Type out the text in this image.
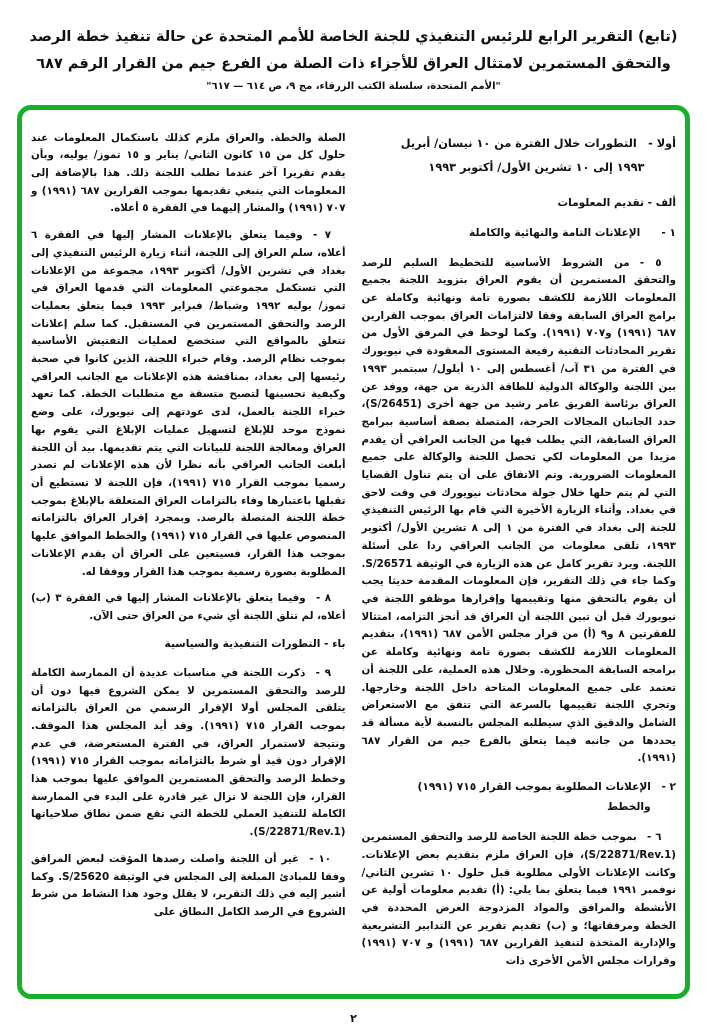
(تابع) التقرير الرابع للرئيس التنفيذي للجنة الخاصة للأمم المتحدة عن حالة تنفيذ خطة الرصد
والتحقق المستمرين لامتثال العراق للأجزاء ذات الصلة من الفرع جيم من القرار الرقم ٦٨٧
"الأمم المتحدة، سلسلة الكتب الزرقاء، مج ٩، ص ٦١٤ — ٦١٧"
أولا - التطورات خلال الفترة من ١٠ نيسان/ أبريل ١٩٩٣ إلى ١٠ تشرين الأول/ أكتوبر ١٩٩٣
ألف - تقديم المعلومات
١ -  الإعلانات التامة والنهائية والكاملة

٥ - من الشروط الأساسية للتخطيط السليم للرصد والتحقق المستمرين أن يقوم العراق بتزويد اللجنة بجميع المعلومات اللازمة للكشف بصورة تامة ونهائية وكاملة عن برامج العراق السابقة وفقا لالتزامات العراق بموجب القرارين ٦٨٧ (١٩٩١) و٧٠٧ (١٩٩١). وكما لوحظ في المرفق الأول من تقرير المحادثات التقنية رفيعة المستوى المعقودة في نيويورك في الفترة من ٣١ آب/ أغسطس إلى ١٠ أيلول/ سبتمبر ١٩٩٣ بين اللجنة والوكالة الدولية للطاقة الذرية من جهة، ووفد عن العراق برئاسة الفريق عامر رشيد من جهة أخرى (S/26451)، حدد الجانبان المجالات الحرجة، المتصلة بصفة أساسية ببرامج العراق السابقة، التي يطلب فيها من الجانب العراقي أن يقدم مزيدا من المعلومات لكي تحصل اللجنة والوكالة على جميع المعلومات الضرورية. وتم الاتفاق على أن يتم تناول القضايا التي لم يتم حلها خلال جولة محادثات نيويورك في وقت لاحق في بغداد. وأثناء الزيارة الأخيرة التي قام بها الرئيس التنفيذي للجنة إلى بغداد في الفترة من ١ إلى ٨ تشرين الأول/ أكتوبر ١٩٩٣، تلقى معلومات من الجانب العراقي ردا على أسئلة اللجنة. ويرد تقرير كامل عن هذه الزيارة في الوثيقة S/26571. وكما جاء في ذلك التقرير، فإن المعلومات المقدمة حديثا يجب أن يقوم بالتحقق منها وتقييمها وإقرارها موظفو اللجنة في نيويورك قبل أن تبين اللجنة أن العراق قد أنجز التزامه، امتثالا للفقرتين ٨ و٩ (أ) من قرار مجلس الأمن ٦٨٧ (١٩٩١)، بتقديم المعلومات اللازمة للكشف بصورة تامة ونهائية وكاملة عن برامجه السابقة المحظورة. وخلال هذه العملية، على اللجنة أن تعتمد على جميع المعلومات المتاحة داخل اللجنة وخارجها. وتجري اللجنة تقييمها بالسرعة التي تتفق مع الاستعراض الشامل والدقيق الذي سيطلبه المجلس بالنسبة لأية مسألة قد يحددها من جانبه فيما يتعلق بالفرع جيم من القرار ٦٨٧ (١٩٩١).

٢ - الإعلانات المطلوبة بموجب القرار ٧١٥ (١٩٩١) والخطط

٦ - بموجب خطة اللجنة الخاصة للرصد والتحقق المستمرين (S/22871/Rev.1)، فإن العراق ملزم بتقديم بعض الإعلانات. وكانت الإعلانات الأولى مطلوبة قبل حلول ١٠ تشرين الثاني/ نوفمبر ١٩٩١ فيما يتعلق بما يلي: (أ) تقديم معلومات أولية عن الأنشطة والمرافق والمواد المزدوجة الغرض المحددة في الخطة ومرفقاتها؛ و (ب) تقديم تقرير عن التدابير التشريعية والإدارية المتخذة لتنفيذ القرارين ٦٨٧ (١٩٩١) و ٧٠٧ (١٩٩١) وقرارات مجلس الأمن الأخرى ذات

الصلة والخطة. والعراق ملزم كذلك باستكمال المعلومات عند حلول كل من ١٥ كانون الثاني/ يناير و ١٥ تموز/ يوليه، وبأن يقدم تقريرا آخر عندما تطلب اللجنة ذلك. هذا بالإضافة إلى المعلومات التي ينبغي تقديمها بموجب القرارين ٦٨٧ (١٩٩١) و ٧٠٧ (١٩٩١) والمشار إليهما في الفقرة ٥ أعلاه.

٧ - وفيما يتعلق بالإعلانات المشار إليها في الفقرة ٦ أعلاه، سلم العراق إلى اللجنة، أثناء زيارة الرئيس التنفيذي إلى بغداد في تشرين الأول/ أكتوبر ١٩٩٣، مجموعة من الإعلانات التي تستكمل مجموعتي المعلومات التي قدمها العراق في تموز/ يوليه ١٩٩٢ وشباط/ فبراير ١٩٩٣ فيما يتعلق بعمليات الرصد والتحقق المستمرين في المستقبل. كما سلم إعلانات تتعلق بالمواقع التي ستخضع لعمليات التفتيش الأساسية بموجب نظام الرصد. وقام خبراء اللجنة، الذين كانوا في صحبة رئيسها إلى بغداد، بمناقشة هذه الإعلانات مع الجانب العراقي وكيفية تحسينها لتصبح متسقة مع متطلبات الخطة. كما تعهد خبراء اللجنة بالعمل، لدى عودتهم إلى نيويورك، على وضع نموذج موحد للإبلاغ لتسهيل عمليات الإبلاغ التي يقوم بها العراق ومعالجة اللجنة للبيانات التي يتم تقديمها. بيد أن اللجنة أبلغت الجانب العراقي بأنه نظرا لأن هذه الإعلانات لم تصدر رسميا بموجب القرار ٧١٥ (١٩٩١)، فإن اللجنة لا تستطيع أن تقبلها باعتبارها وفاء بالتزامات العراق المتعلقة بالإبلاغ بموجب خطة اللجنة المتصلة بالرصد. وبمجرد إقرار العراق بالتزاماته المنصوص عليها في القرار ٧١٥ (١٩٩١) والخطط الموافق عليها بموجب هذا القرار، فسيتعين على العراق أن يقدم الإعلانات المطلوبة بصورة رسمية بموجب هذا القرار ووفقا له.

٨ - وفيما يتعلق بالإعلانات المشار إليها في الفقرة ٣ (ب) أعلاه، لم تتلق اللجنة أي شيء من العراق حتى الآن.

باء - التطورات التنفيذية والسياسية

٩ - ذكرت اللجنة في مناسبات عديدة أن الممارسة الكاملة للرصد والتحقق المستمرين لا يمكن الشروع فيها دون أن يتلقى المجلس أولا الإقرار الرسمي من العراق بالتزاماته بموجب القرار ٧١٥ (١٩٩١). وقد أيد المجلس هذا الموقف. ونتيجة لاستمرار العراق، في الفترة المستعرضة، في عدم الإقرار دون قيد أو شرط بالتزاماته بموجب القرار ٧١٥ (١٩٩١) وخطط الرصد والتحقق المستمرين الموافق عليها بموجب هذا القرار، فإن اللجنة لا تزال غير قادرة على البدء في الممارسة الكاملة للتنفيذ العملي للخطة التي تقع ضمن نطاق صلاحياتها (S/22871/Rev.1).

١٠ - غير أن اللجنة واصلت رصدها المؤقت لبعض المرافق وفقا للمبادئ المبلغة إلى المجلس في الوثيقة S/25620. وكما أشير إليه في ذلك التقرير، لا يقلل وجود هذا النشاط من شرط الشروع في الرصد الكامل النطاق على

٢
